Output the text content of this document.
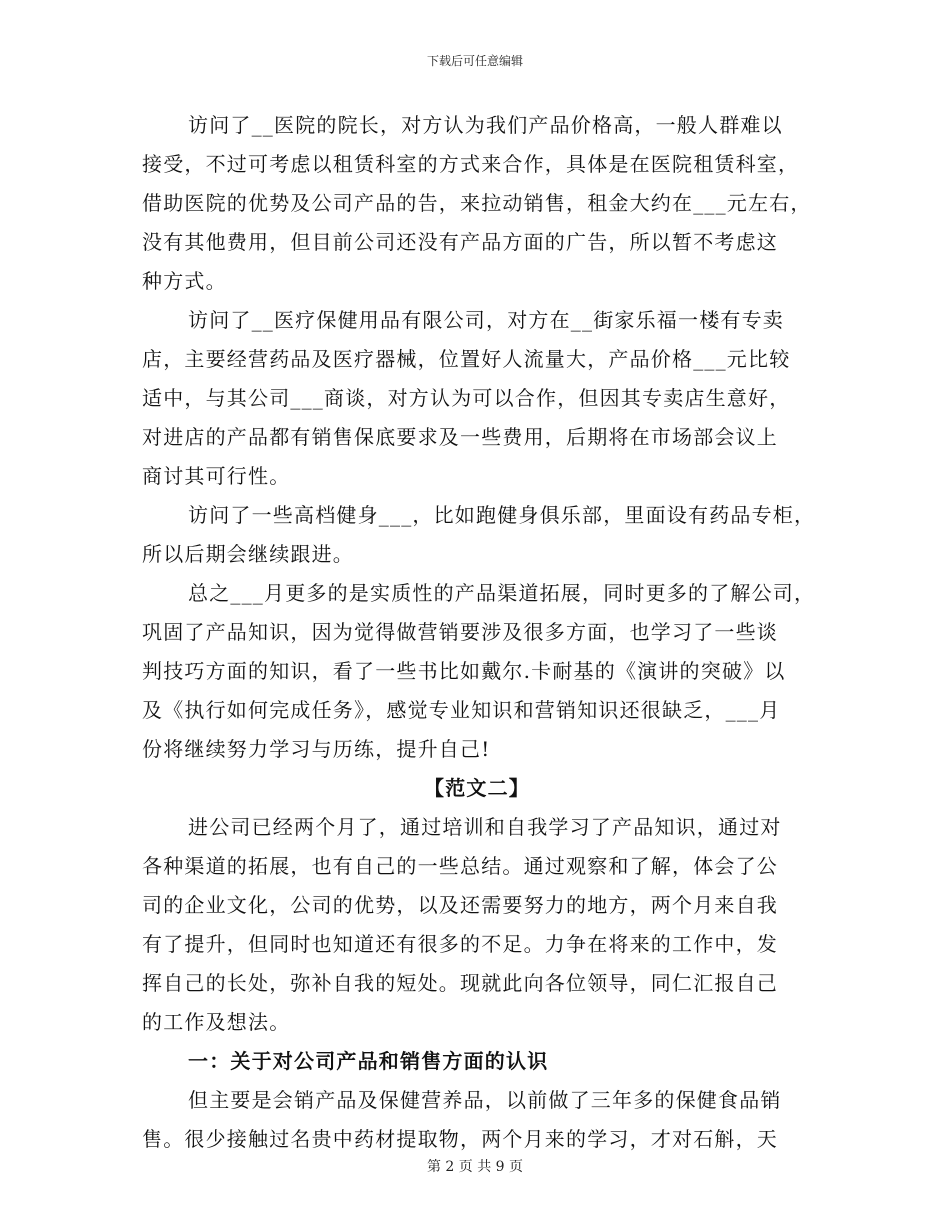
下载后可任意编辑
访问了__医院的院长，对方认为我们产品价格高，一般人群难以
接受，不过可考虑以租赁科室的方式来合作，具体是在医院租赁科室，
借助医院的优势及公司产品的告，来拉动销售，租金大约在___元左右，
没有其他费用，但目前公司还没有产品方面的广告，所以暂不考虑这
种方式。
访问了__医疗保健用品有限公司，对方在__街家乐福一楼有专卖
店，主要经营药品及医疗器械，位置好人流量大，产品价格___元比较
适中，与其公司___商谈，对方认为可以合作，但因其专卖店生意好，
对进店的产品都有销售保底要求及一些费用，后期将在市场部会议上
商讨其可行性。
访问了一些高档健身___，比如跑健身俱乐部，里面设有药品专柜，
所以后期会继续跟进。
总之___月更多的是实质性的产品渠道拓展，同时更多的了解公司，
巩固了产品知识，因为觉得做营销要涉及很多方面，也学习了一些谈
判技巧方面的知识，看了一些书比如戴尔.卡耐基的《演讲的突破》以
及《执行如何完成任务》，感觉专业知识和营销知识还很缺乏，___月
份将继续努力学习与历练，提升自己!
【范文二】
进公司已经两个月了，通过培训和自我学习了产品知识，通过对
各种渠道的拓展，也有自己的一些总结。通过观察和了解，体会了公
司的企业文化，公司的优势，以及还需要努力的地方，两个月来自我
有了提升，但同时也知道还有很多的不足。力争在将来的工作中，发
挥自己的长处，弥补自我的短处。现就此向各位领导，同仁汇报自己
的工作及想法。
一：关于对公司产品和销售方面的认识
但主要是会销产品及保健营养品，以前做了三年多的保健食品销
售。很少接触过名贵中药材提取物，两个月来的学习，才对石斛，天
第 2 页 共 9 页
